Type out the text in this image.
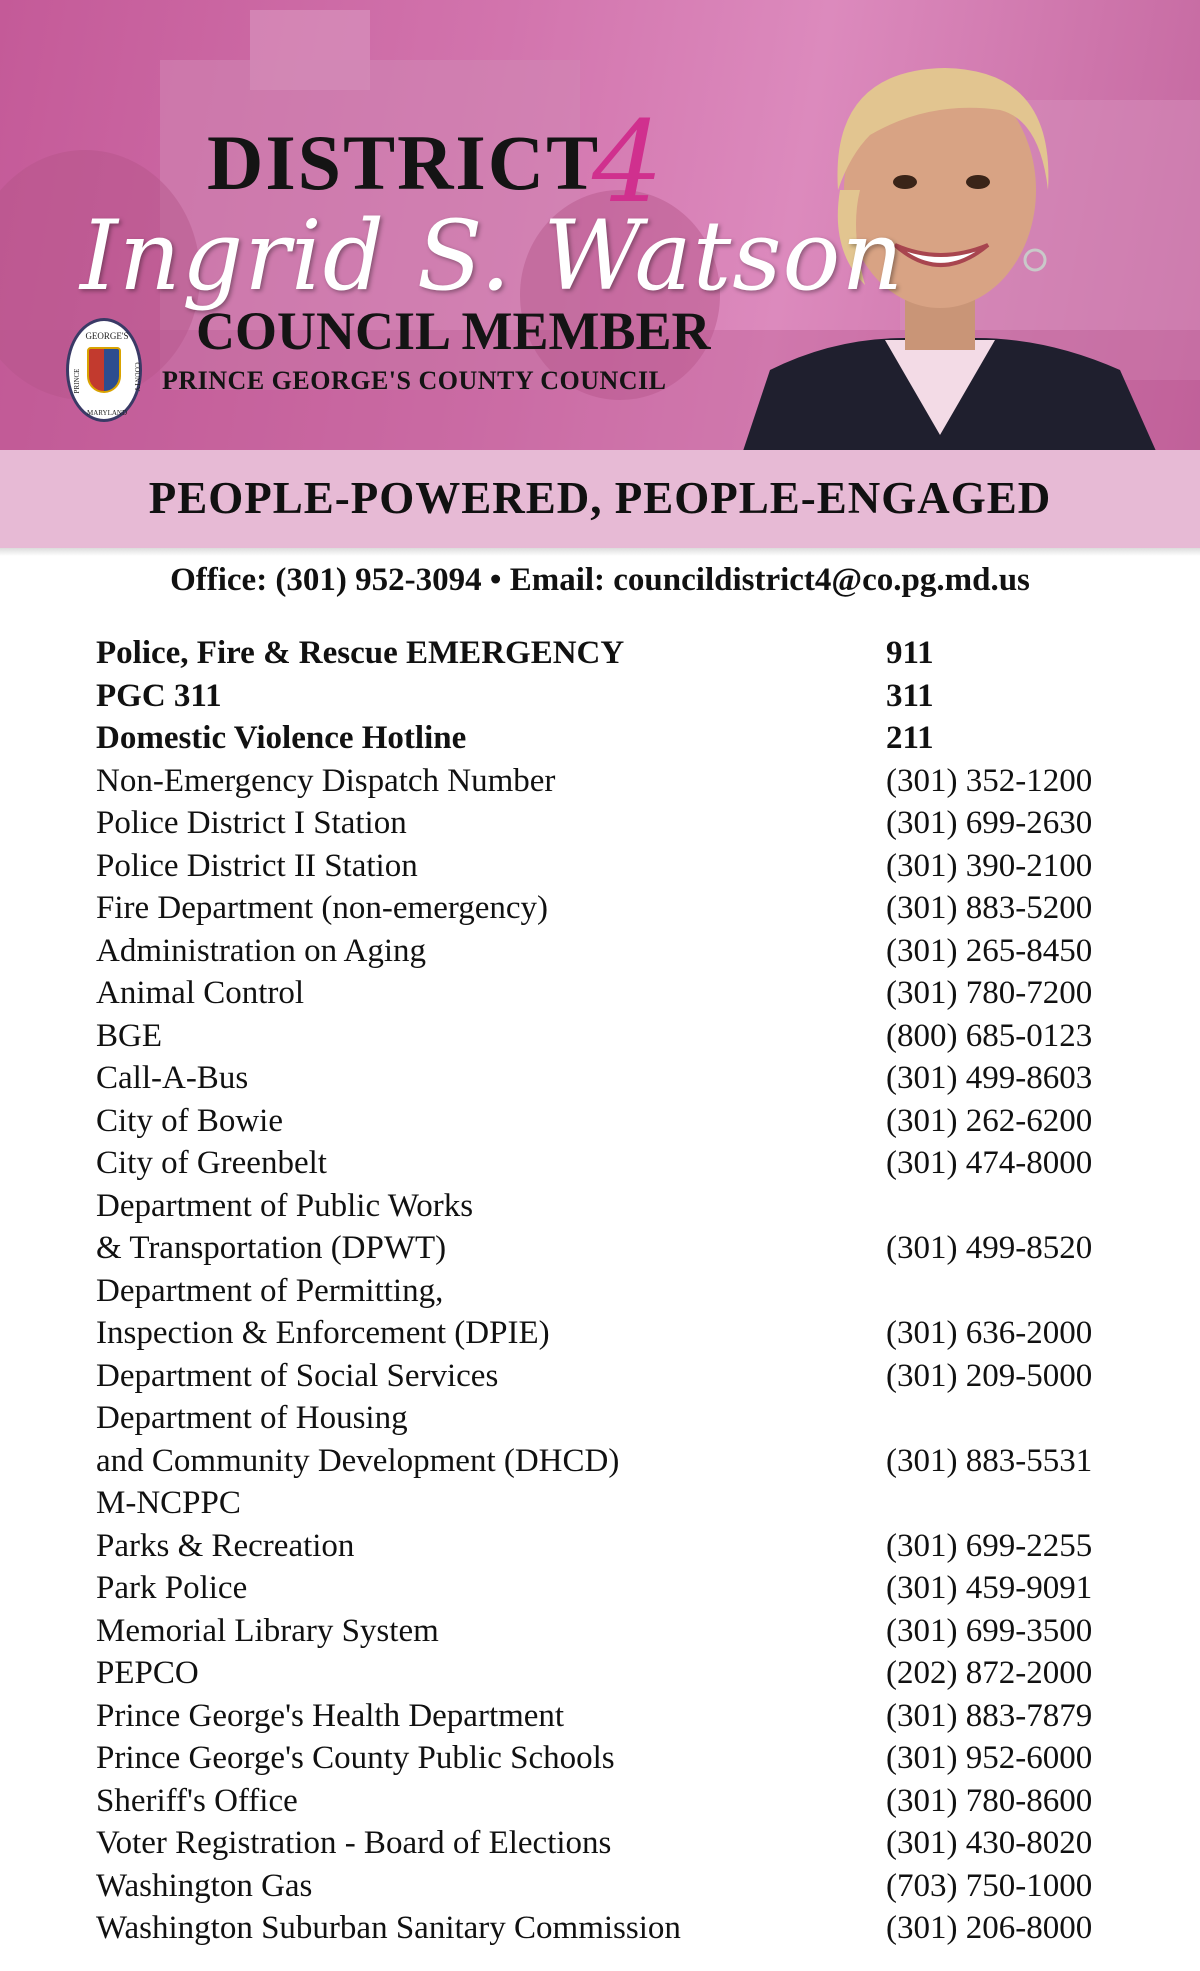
DISTRICT
4
Ingrid S. Watson
COUNCIL MEMBER
PRINCE GEORGE'S COUNTY COUNCIL
GEORGE'S
PRINCE	COUNTY
MARYLAND
PEOPLE-POWERED, PEOPLE-ENGAGED
Office: (301) 952-3094 • Email: councildistrict4@co.pg.md.us
Police, Fire & Rescue EMERGENCY	911
PGC 311	311
Domestic Violence Hotline	211
Non-Emergency Dispatch Number	(301) 352-1200
Police District I Station	(301) 699-2630
Police District II Station	(301) 390-2100
Fire Department (non-emergency)	(301) 883-5200
Administration on Aging	(301) 265-8450
Animal Control	(301) 780-7200
BGE	(800) 685-0123
Call-A-Bus	(301) 499-8603
City of Bowie	(301) 262-6200
City of Greenbelt	(301) 474-8000
Department of Public Works
& Transportation (DPWT)	(301) 499-8520
Department of Permitting,
Inspection & Enforcement (DPIE)	(301) 636-2000
Department of Social Services	(301) 209-5000
Department of Housing
and Community Development (DHCD)	(301) 883-5531
M-NCPPC
Parks & Recreation	(301) 699-2255
Park Police	(301) 459-9091
Memorial Library System	(301) 699-3500
PEPCO	(202) 872-2000
Prince George's Health Department	(301) 883-7879
Prince George's County Public Schools	(301) 952-6000
Sheriff's Office	(301) 780-8600
Voter Registration - Board of Elections	(301) 430-8020
Washington Gas	(703) 750-1000
Washington Suburban Sanitary Commission	(301) 206-8000
